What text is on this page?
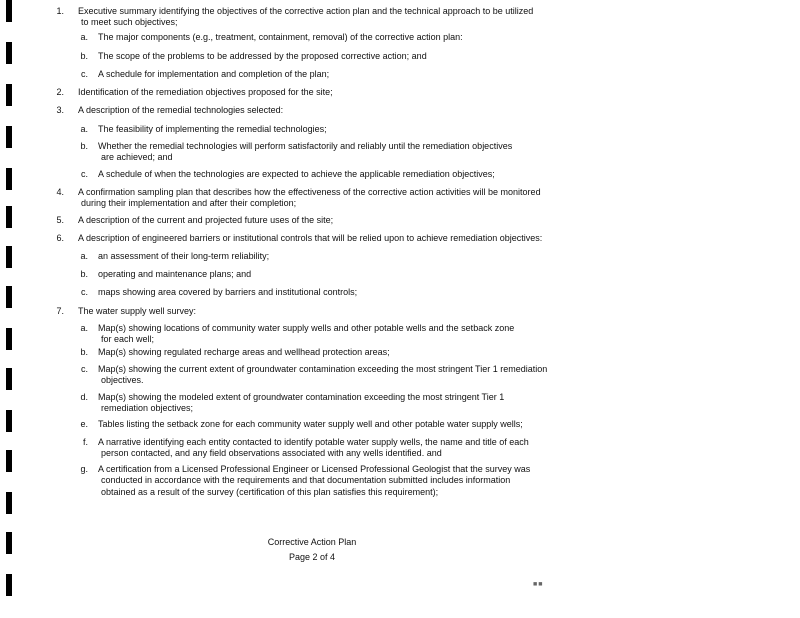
Corrective Action Plan
Page 2 of 4
■■
1. Executive summary identifying the objectives of the corrective action plan and the technical approach to be utilized
to meet such objectives;
a. The major components (e.g., treatment, containment, removal) of the corrective action plan:
b. The scope of the problems to be addressed by the proposed corrective action; and
c. A schedule for implementation and completion of the plan;
2. Identification of the remediation objectives proposed for the site;
3. A description of the remedial technologies selected:
a. The feasibility of implementing the remedial technologies;
b. Whether the remedial technologies will perform satisfactorily and reliably until the remediation objectives
are achieved; and
c. A schedule of when the technologies are expected to achieve the applicable remediation objectives;
4. A confirmation sampling plan that describes how the effectiveness of the corrective action activities will be monitored
during their implementation and after their completion;
5. A description of the current and projected future uses of the site;
6. A description of engineered barriers or institutional controls that will be relied upon to achieve remediation objectives:
a. an assessment of their long-term reliability;
b. operating and maintenance plans; and
c. maps showing area covered by barriers and institutional controls;
7. The water supply well survey:
a. Map(s) showing locations of community water supply wells and other potable wells and the setback zone
for each well;
b. Map(s) showing regulated recharge areas and wellhead protection areas;
c. Map(s) showing the current extent of groundwater contamination exceeding the most stringent Tier 1 remediation
objectives.
d. Map(s) showing the modeled extent of groundwater contamination exceeding the most stringent Tier 1
remediation objectives;
e. Tables listing the setback zone for each community water supply well and other potable water supply wells;
f. A narrative identifying each entity contacted to identify potable water supply wells, the name and title of each
person contacted, and any field observations associated with any wells identified. and
g. A certification from a Licensed Professional Engineer or Licensed Professional Geologist that the survey was
conducted in accordance with the requirements and that documentation submitted includes information
obtained as a result of the survey (certification of this plan satisfies this requirement);
